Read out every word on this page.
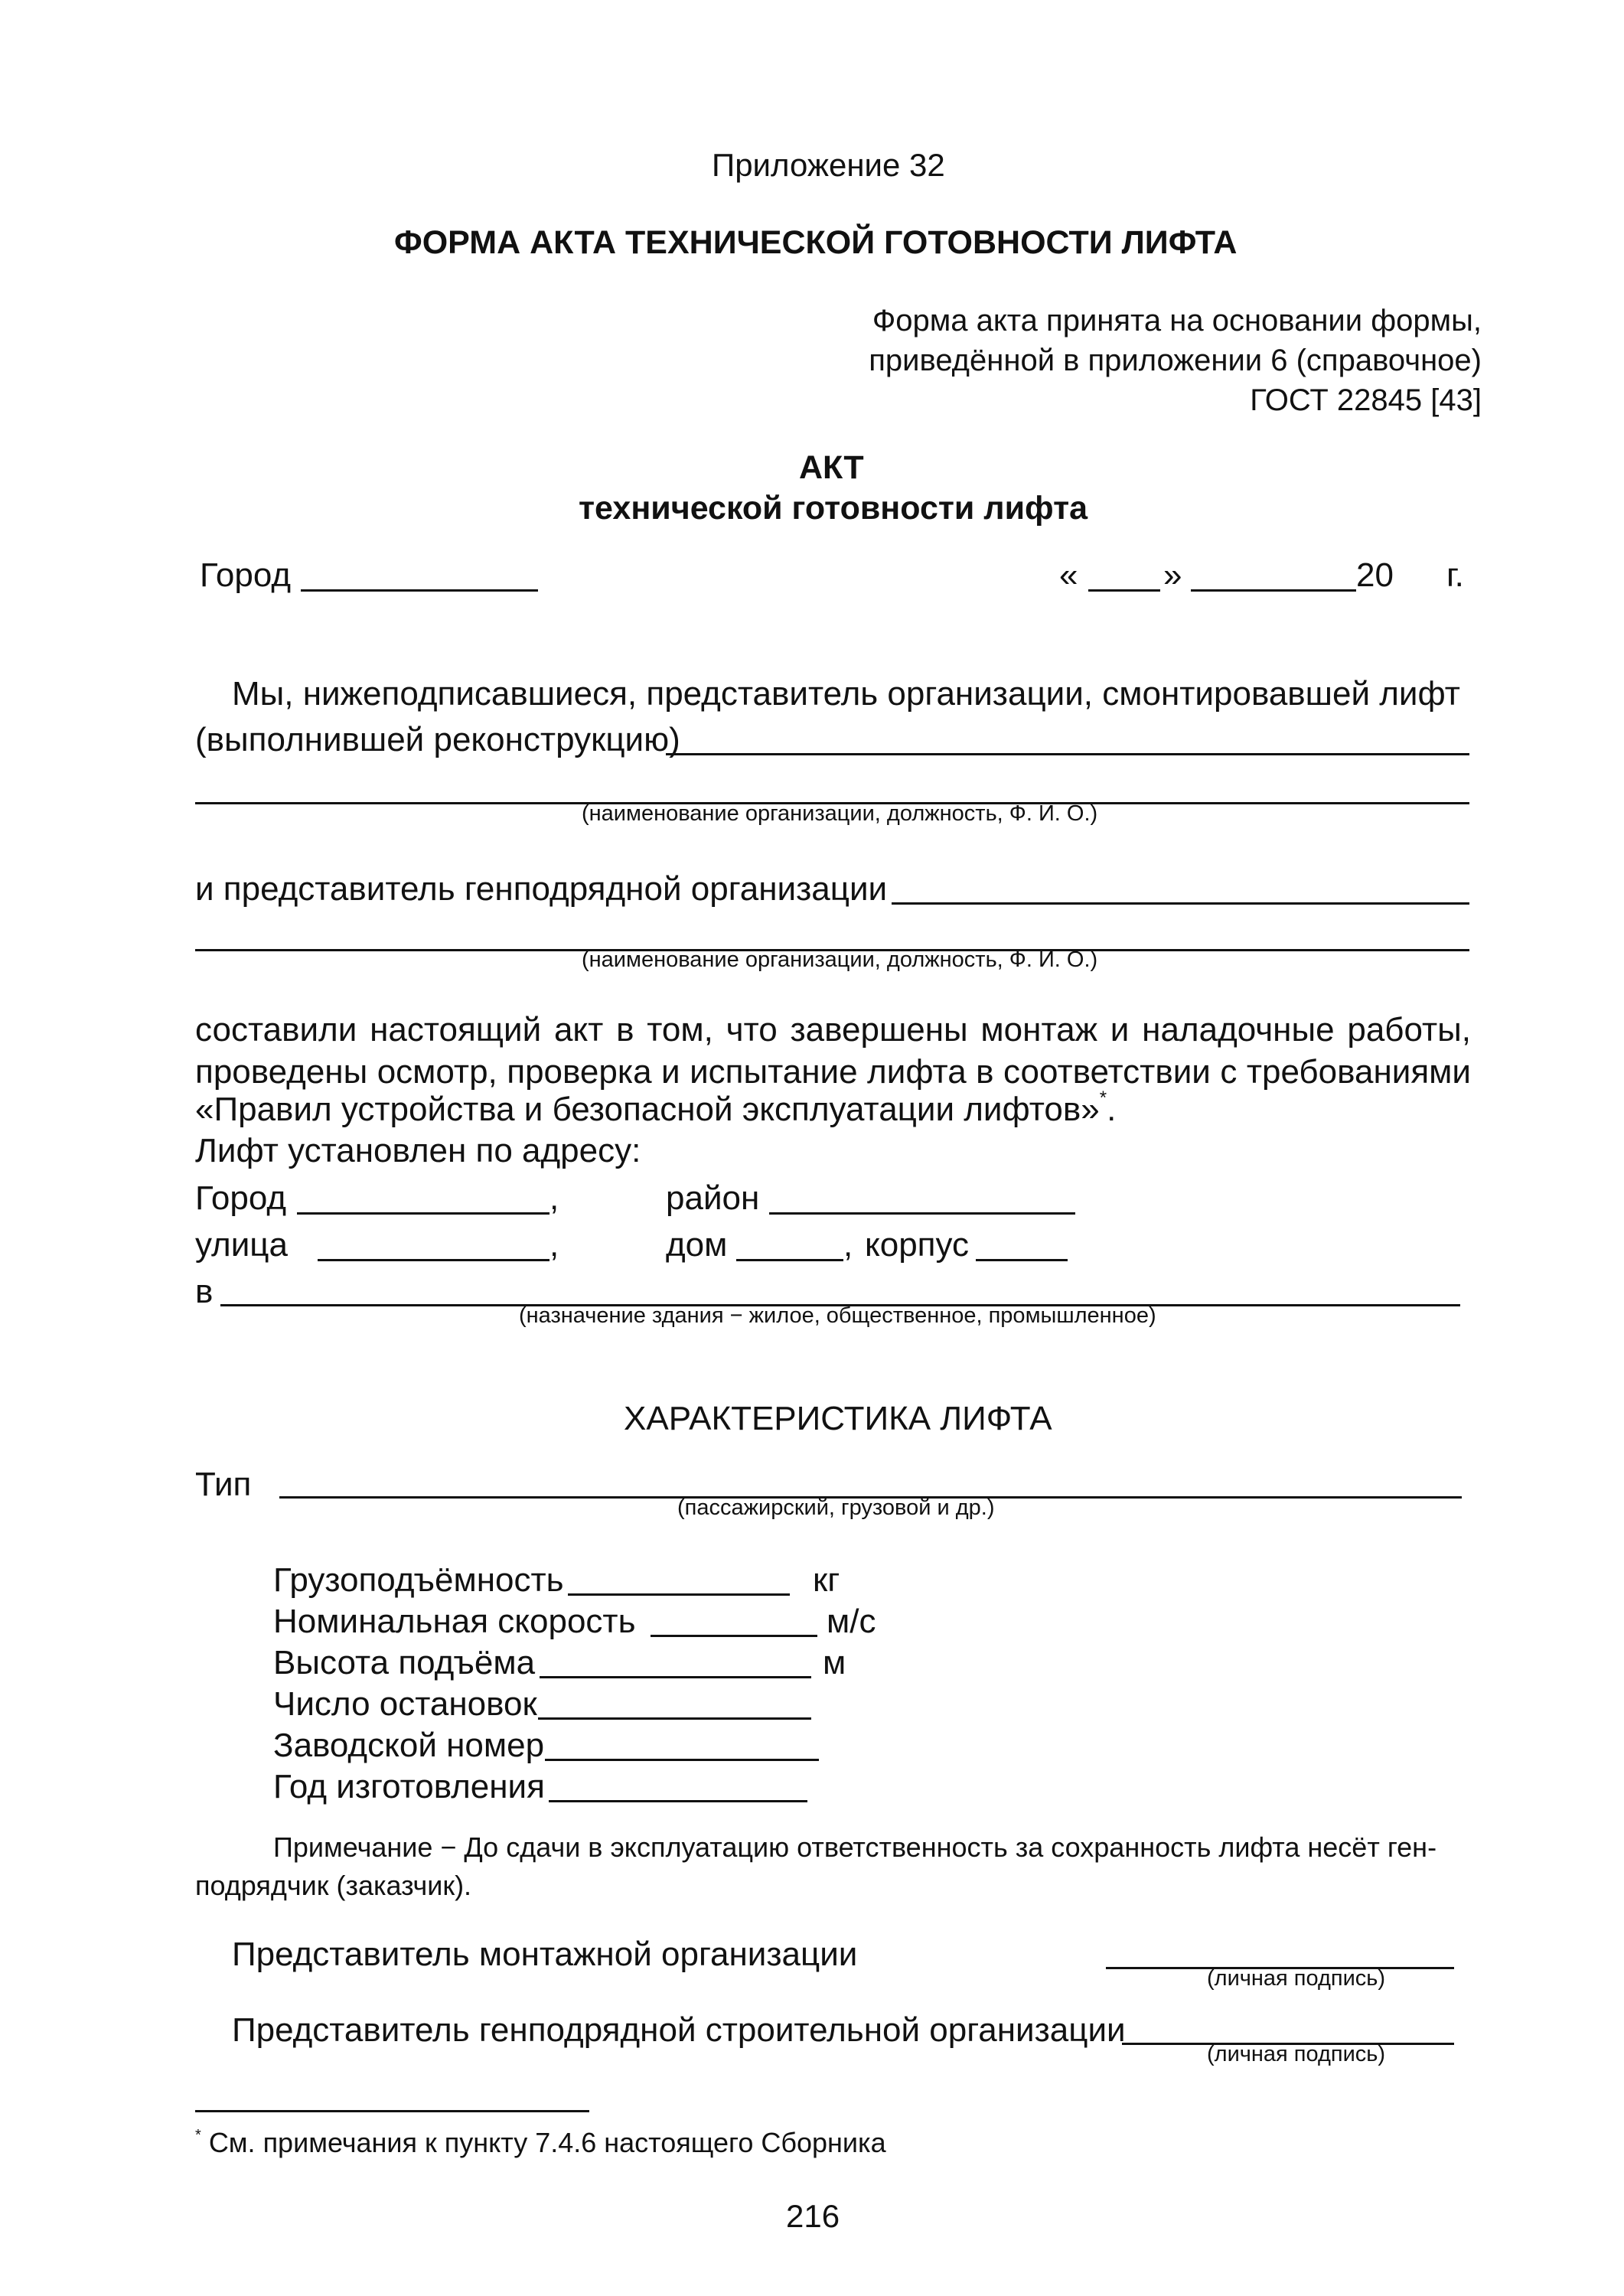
Приложение 32
ФОРМА АКТА ТЕХНИЧЕСКОЙ ГОТОВНОСТИ ЛИФТА
Форма акта принята на основании формы,
приведённой в приложении 6 (справочное)
ГОСТ 22845 [43]
АКТ
технической готовности лифта
Город	«	»	20 г.
Мы, нижеподписавшиеся, представитель организации, смонтировавшей лифт
(выполнившей реконструкцию)
(наименование организации, должность, Ф. И. О.)
и представитель генподрядной организации
(наименование организации, должность, Ф. И. О.)
составили настоящий акт в том, что завершены монтаж и наладочные работы,
проведены осмотр, проверка и испытание лифта в соответствии с требованиями
«Правил устройства и безопасной эксплуатации лифтов»*.
Лифт установлен по адресу:
Город	,	район
улица	,	дом	, корпус
в
(назначение здания − жилое, общественное, промышленное)
ХАРАКТЕРИСТИКА ЛИФТА
Тип
(пассажирский, грузовой и др.)
Грузоподъёмность	кг
Номинальная скорость	м/с
Высота подъёма	м
Число остановок
Заводской номер
Год изготовления
Примечание − До сдачи в эксплуатацию ответственность за сохранность лифта несёт ген-
подрядчик (заказчик).
Представитель монтажной организации
(личная подпись)
Представитель генподрядной строительной организации
(личная подпись)
* См. примечания к пункту 7.4.6 настоящего Сборника
216
